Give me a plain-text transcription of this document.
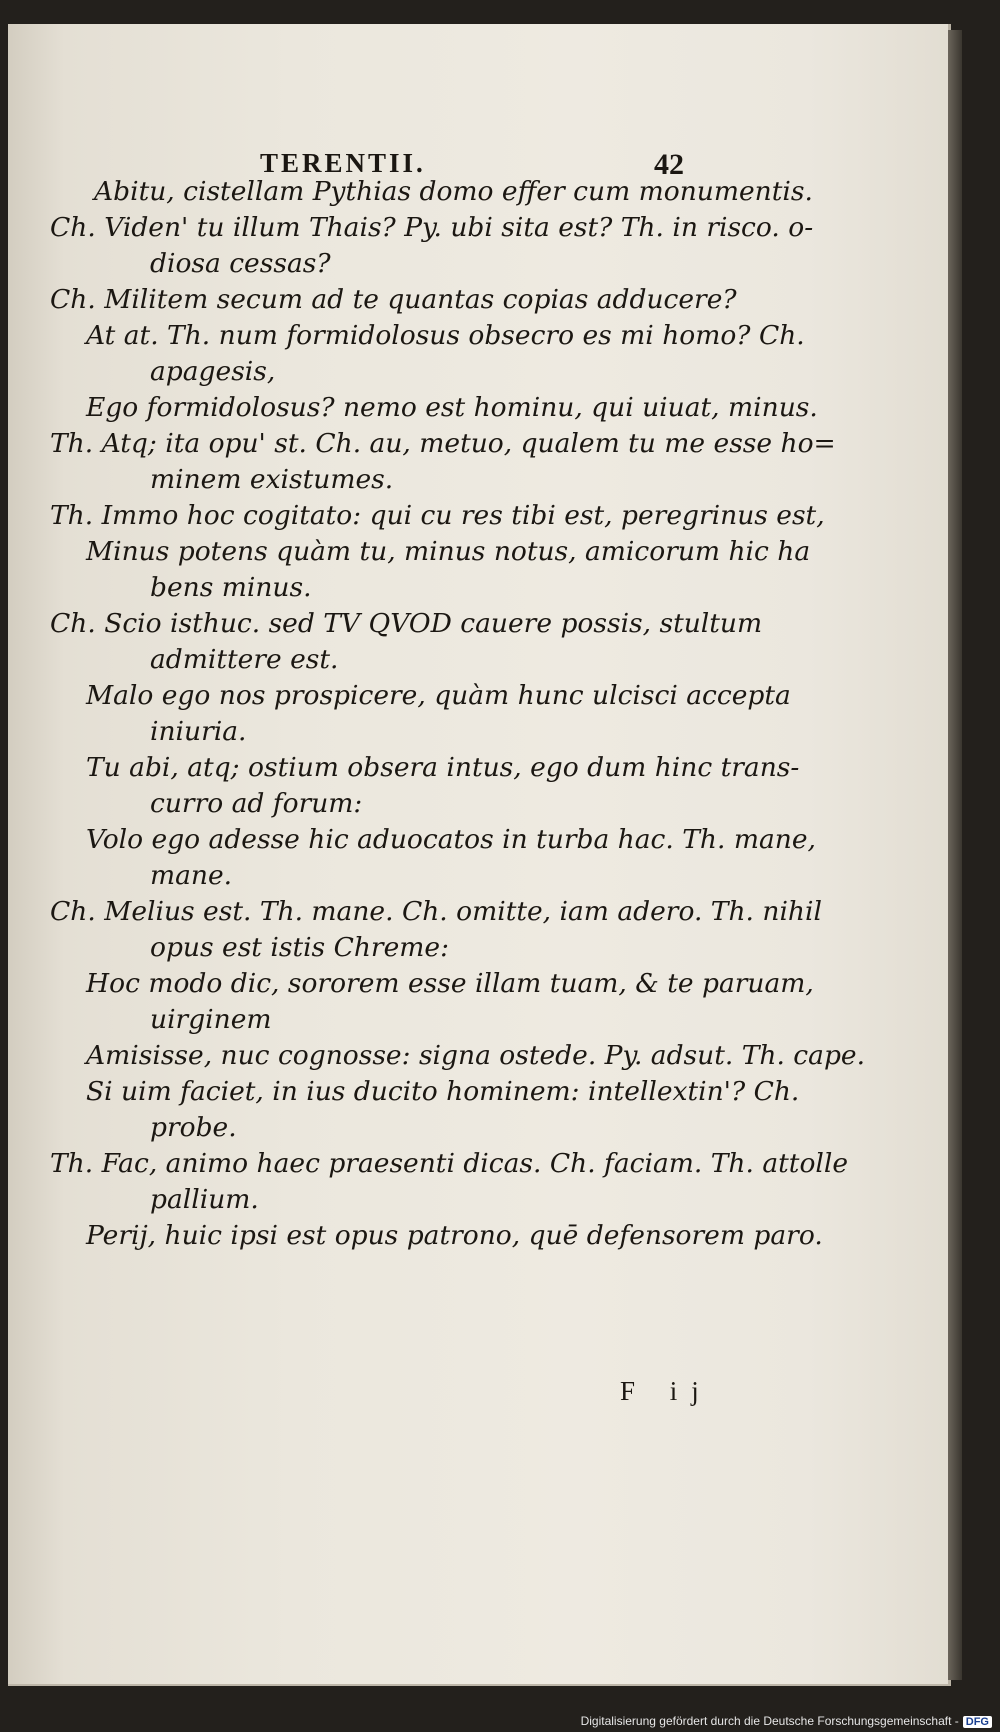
TERENTII.	42
Abitu, cistellam Pythias domo effer cum monumentis.
Ch. Viden' tu illum Thais? Py. ubi sita est? Th. in risco. o-
diosa cessas?
Ch. Militem secum ad te quantas copias adducere?
At at. Th. num formidolosus obsecro es mi homo? Ch.
apagesis,
Ego formidolosus? nemo est hominu, qui uiuat, minus.
Th. Atq; ita opu' st. Ch. au, metuo, qualem tu me esse ho=
minem existumes.
Th. Immo hoc cogitato: qui cu res tibi est, peregrinus est,
Minus potens quàm tu, minus notus, amicorum hic ha
bens minus.
Ch. Scio isthuc. sed TV QVOD cauere possis, stultum
admittere est.
Malo ego nos prospicere, quàm hunc ulcisci accepta
iniuria.
Tu abi, atq; ostium obsera intus, ego dum hinc trans-
curro ad forum:
Volo ego adesse hic aduocatos in turba hac. Th. mane,
mane.
Ch. Melius est. Th. mane. Ch. omitte, iam adero. Th. nihil
opus est istis Chreme:
Hoc modo dic, sororem esse illam tuam, & te paruam,
uirginem
Amisisse, nuc cognosse: signa ostede. Py. adsut. Th. cape.
Si uim faciet, in ius ducito hominem: intellextin'? Ch.
probe.
Th. Fac, animo haec praesenti dicas. Ch. faciam. Th. attolle
pallium.
Perij, huic ipsi est opus patrono, quē defensorem paro.
F ij
Digitalisierung gefördert durch die Deutsche Forschungsgemeinschaft - DFG
